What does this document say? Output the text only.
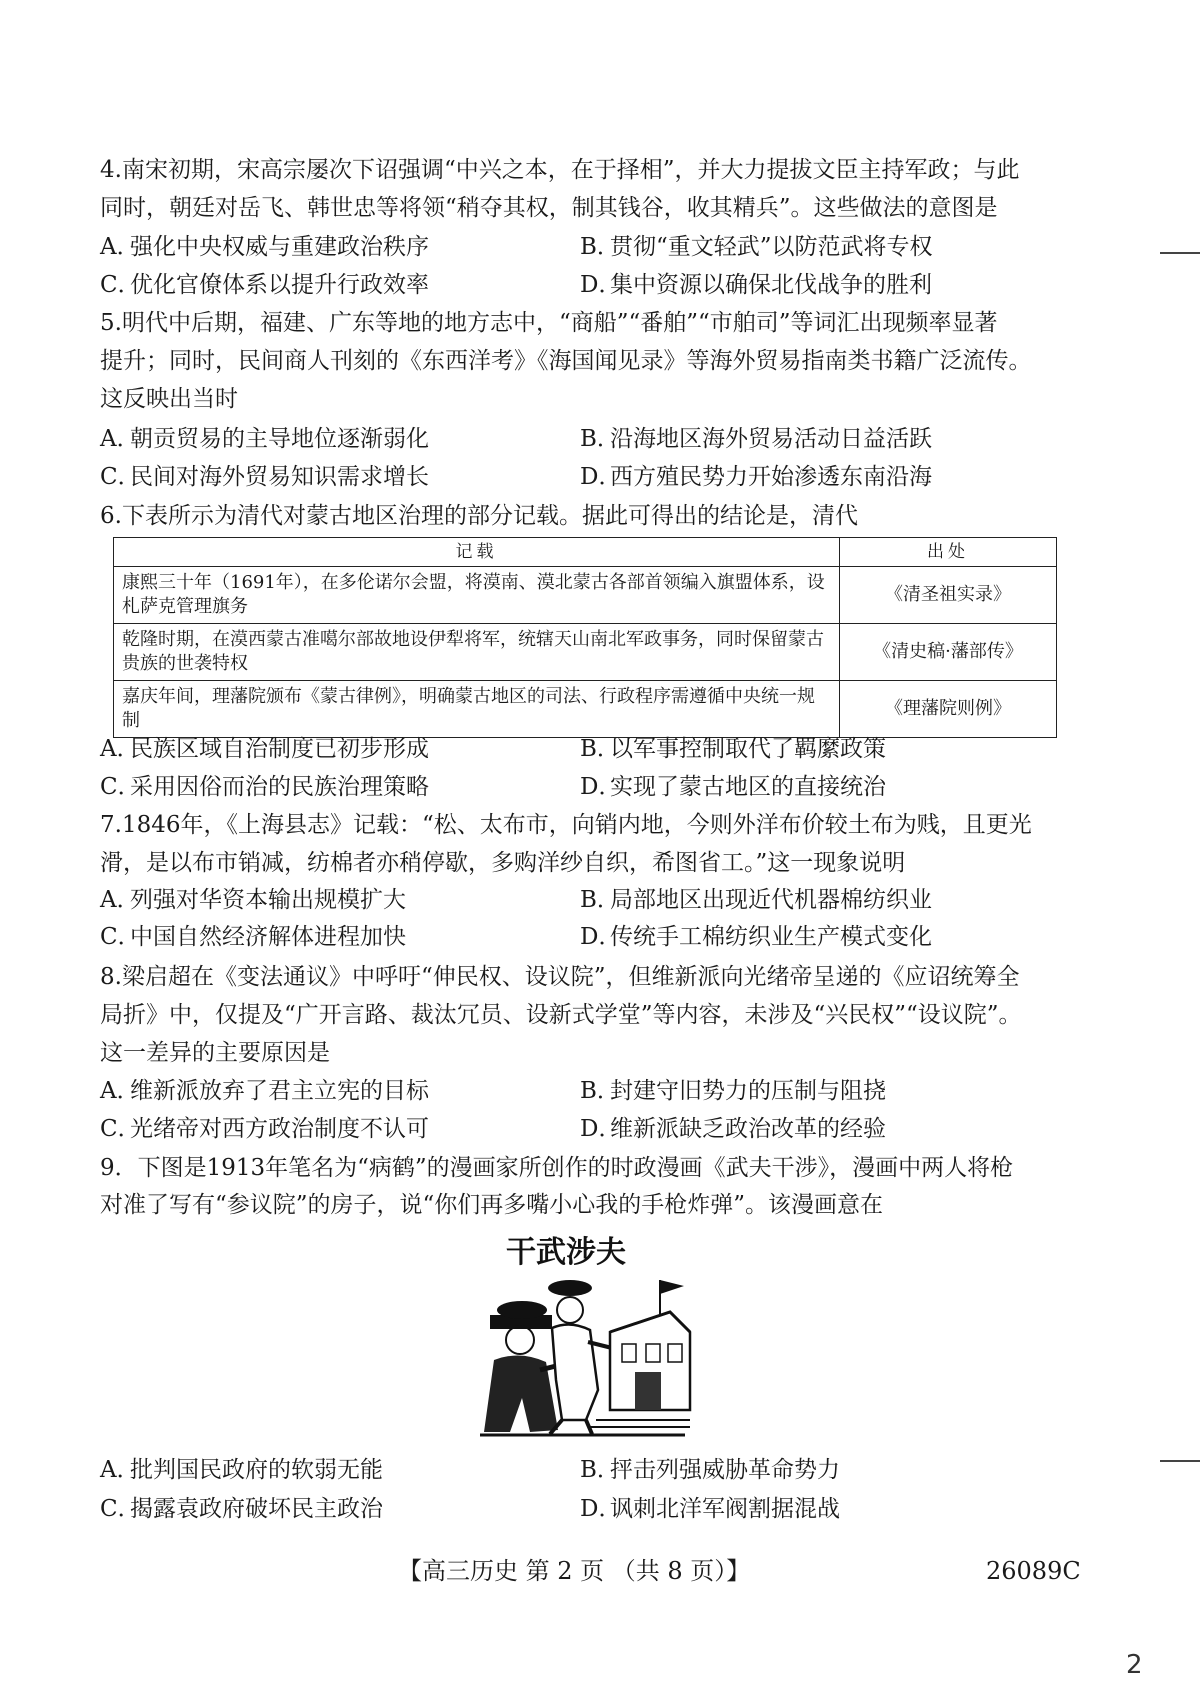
4.南宋初期，宋高宗屡次下诏强调“中兴之本，在于择相”，并大力提拔文臣主持军政；与此
同时，朝廷对岳飞、韩世忠等将领“稍夺其权，制其钱谷，收其精兵”。这些做法的意图是
A．强化中央权威与重建政治秩序	B．贯彻“重文轻武”以防范武将专权
C．优化官僚体系以提升行政效率	D．集中资源以确保北伐战争的胜利
5.明代中后期，福建、广东等地的地方志中，“商船”“番舶”“市舶司”等词汇出现频率显著
提升；同时，民间商人刊刻的《东西洋考》《海国闻见录》等海外贸易指南类书籍广泛流传。
这反映出当时
A．朝贡贸易的主导地位逐渐弱化	B．沿海地区海外贸易活动日益活跃
C．民间对海外贸易知识需求增长	D．西方殖民势力开始渗透东南沿海
6.下表所示为清代对蒙古地区治理的部分记载。据此可得出的结论是，清代
记载	出处
康熙三十年（1691年），在多伦诺尔会盟，将漠南、漠北蒙古各部首领编入旗盟体系，设札萨克管理旗务	《清圣祖实录》
乾隆时期，在漠西蒙古准噶尔部故地设伊犁将军，统辖天山南北军政事务，同时保留蒙古贵族的世袭特权	《清史稿·藩部传》
嘉庆年间，理藩院颁布《蒙古律例》，明确蒙古地区的司法、行政程序需遵循中央统一规制	《理藩院则例》
A．民族区域自治制度已初步形成	B．以军事控制取代了羁縻政策
C．采用因俗而治的民族治理策略	D．实现了蒙古地区的直接统治
7.1846年，《上海县志》记载：“松、太布市，向销内地，今则外洋布价较土布为贱，且更光
滑，是以布市销减，纺棉者亦稍停歇，多购洋纱自织，希图省工。”这一现象说明
A．列强对华资本输出规模扩大	B．局部地区出现近代机器棉纺织业
C．中国自然经济解体进程加快	D．传统手工棉纺织业生产模式变化
8.梁启超在《变法通议》中呼吁“伸民权、设议院”，但维新派向光绪帝呈递的《应诏统筹全
局折》中，仅提及“广开言路、裁汰冗员、设新式学堂”等内容，未涉及“兴民权”“设议院”。
这一差异的主要原因是
A．维新派放弃了君主立宪的目标	B．封建守旧势力的压制与阻挠
C．光绪帝对西方政治制度不认可	D．维新派缺乏政治改革的经验
9．下图是1913年笔名为“病鹤”的漫画家所创作的时政漫画《武夫干涉》，漫画中两人将枪
对准了写有“参议院”的房子，说“你们再多嘴小心我的手枪炸弹”。该漫画意在
干武涉夫
A．批判国民政府的软弱无能	B．抨击列强威胁革命势力
C．揭露袁政府破坏民主政治	D．讽刺北洋军阀割据混战
【高三历史 第 2 页 （共 8 页）】	26089C
2
